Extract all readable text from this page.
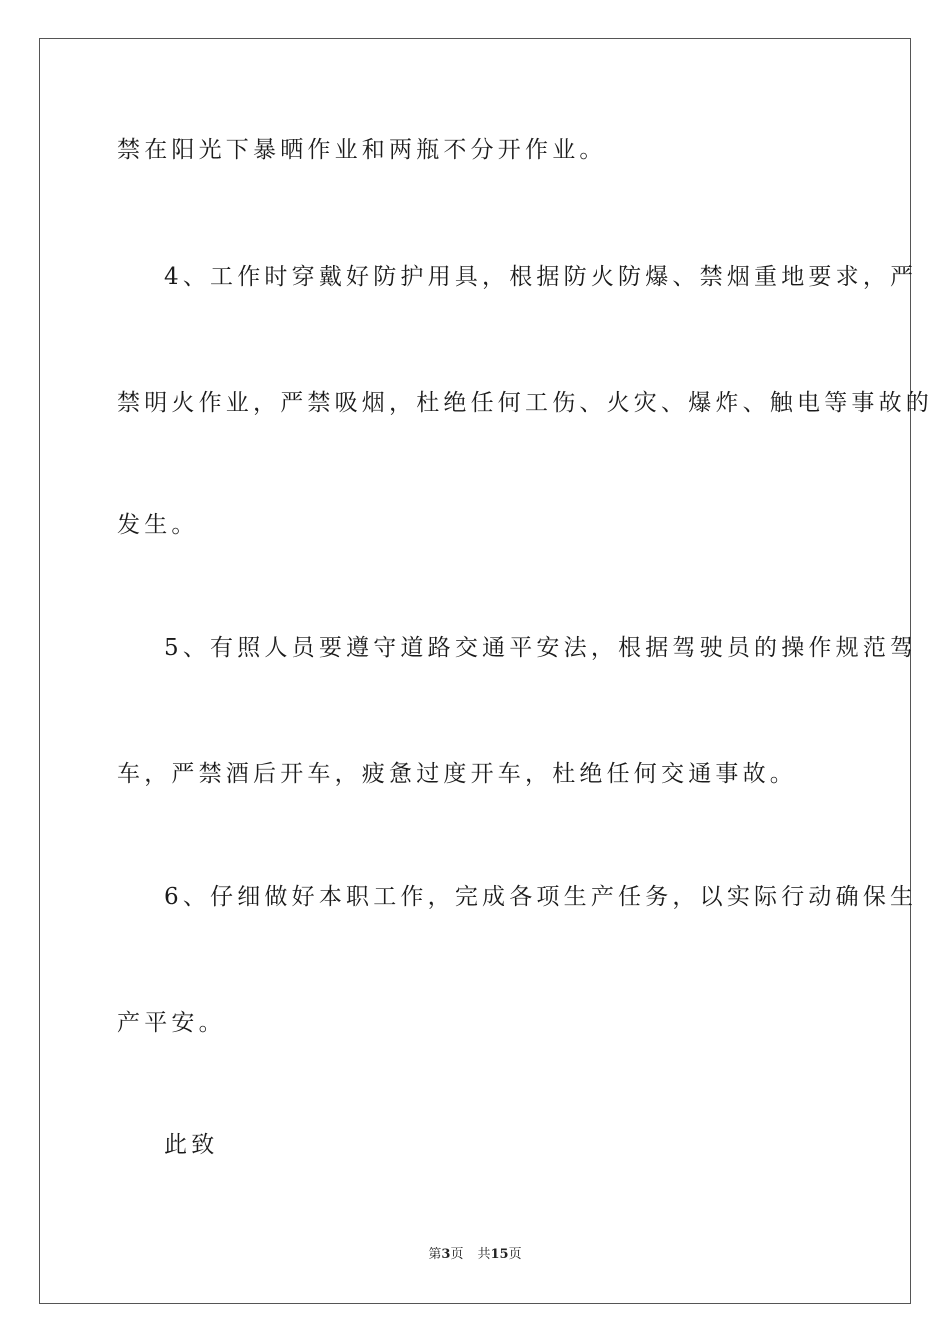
禁在阳光下暴晒作业和两瓶不分开作业。
4、工作时穿戴好防护用具，根据防火防爆、禁烟重地要求，严
禁明火作业，严禁吸烟，杜绝任何工伤、火灾、爆炸、触电等事故的
发生。
5、有照人员要遵守道路交通平安法，根据驾驶员的操作规范驾
车，严禁酒后开车，疲惫过度开车，杜绝任何交通事故。
6、仔细做好本职工作，完成各项生产任务，以实际行动确保生
产平安。
此致
第3页 共15页
